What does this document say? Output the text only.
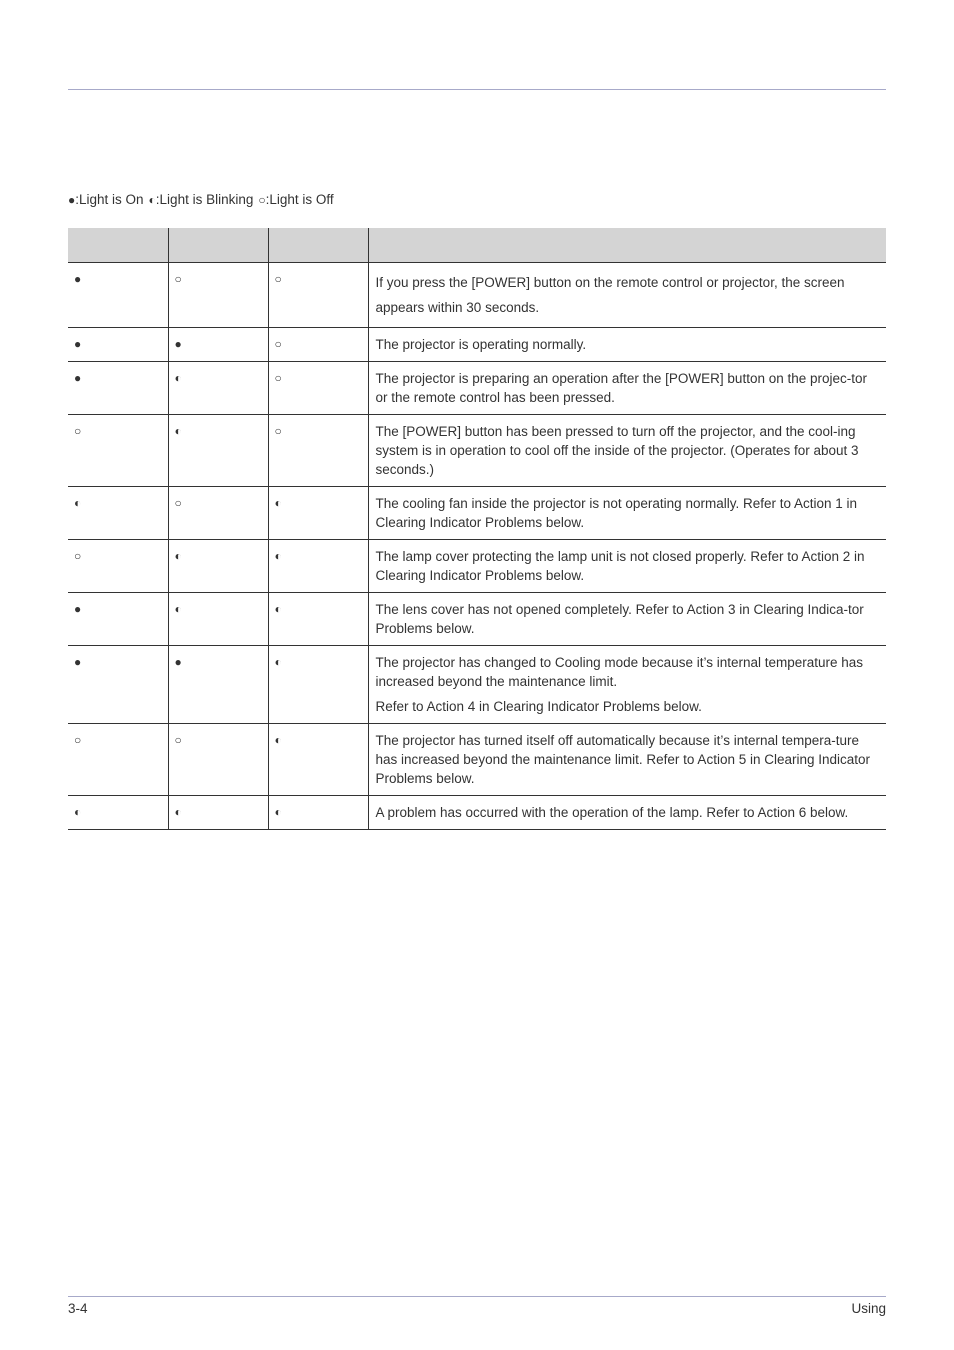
●:Light is On ◐:Light is Blinking ○:Light is Off

●	○	○	If you press the [POWER] button on the remote control or projector, the screen appears within 30 seconds.

●	●	○	The projector is operating normally.

●	◐	○	The projector is preparing an operation after the [POWER] button on the projec-tor or the remote control has been pressed.

○	◐	○	The [POWER] button has been pressed to turn off the projector, and the cool-ing system is in operation to cool off the inside of the projector. (Operates for about 3 seconds.)

◐	○	◐	The cooling fan inside the projector is not operating normally. Refer to Action 1 in Clearing Indicator Problems below.

○	◐	◐	The lamp cover protecting the lamp unit is not closed properly. Refer to Action 2 in Clearing Indicator Problems below.

●	◐	◐	The lens cover has not opened completely. Refer to Action 3 in Clearing Indica-tor Problems below.

●	●	◐	The projector has changed to Cooling mode because it’s internal temperature has increased beyond the maintenance limit.

Refer to Action 4 in Clearing Indicator Problems below.

○	○	◐	The projector has turned itself off automatically because it’s internal tempera-ture has increased beyond the maintenance limit. Refer to Action 5 in Clearing Indicator Problems below.

◐	◐	◐	A problem has occurred with the operation of the lamp. Refer to Action 6 below.

3-4	Using
